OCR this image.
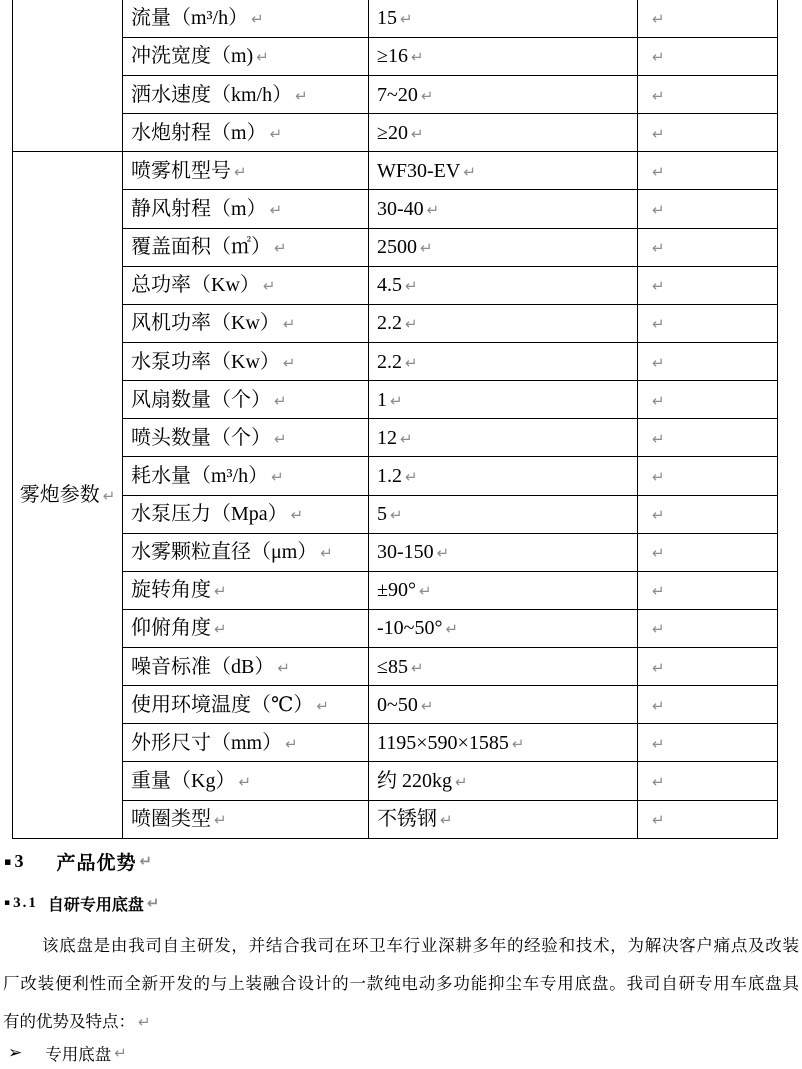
	流量（m³/h） ↵	15 ↵	↵
	冲洗宽度（m) ↵	≥16 ↵	↵
	洒水速度（km/h） ↵	7~20 ↵	↵
	水炮射程（m） ↵	≥20 ↵	↵
雾炮参数 ↵	喷雾机型号 ↵	WF30-EV ↵	↵
	静风射程（m） ↵	30-40 ↵	↵
	覆盖面积（㎡） ↵	2500 ↵	↵
	总功率（Kw） ↵	4.5 ↵	↵
	风机功率（Kw） ↵	2.2 ↵	↵
	水泵功率（Kw） ↵	2.2 ↵	↵
	风扇数量（个） ↵	1 ↵	↵
	喷头数量（个） ↵	12 ↵	↵
	耗水量（m³/h） ↵	1.2 ↵	↵
	水泵压力（Mpa） ↵	5 ↵	↵
	水雾颗粒直径（μm） ↵	30-150 ↵	↵
	旋转角度 ↵	±90° ↵	↵
	仰俯角度 ↵	-10~50° ↵	↵
	噪音标准（dB） ↵	≤85 ↵	↵
	使用环境温度（℃） ↵	0~50 ↵	↵
	外形尺寸（mm） ↵	1195×590×1585 ↵	↵
	重量（Kg） ↵	约 220kg ↵	↵
	喷圈类型 ↵	不锈钢 ↵	↵
▪ 3 产品优势 ↵
▪ 3.1 自研专用底盘 ↵
该底盘是由我司自主研发，并结合我司在环卫车行业深耕多年的经验和技术，为解决客户痛点及改装
厂改装便利性而全新开发的与上装融合设计的一款纯电动多功能抑尘车专用底盘。我司自研专用车底盘具
有的优势及特点： ↵
➢ 专用底盘 ↵
